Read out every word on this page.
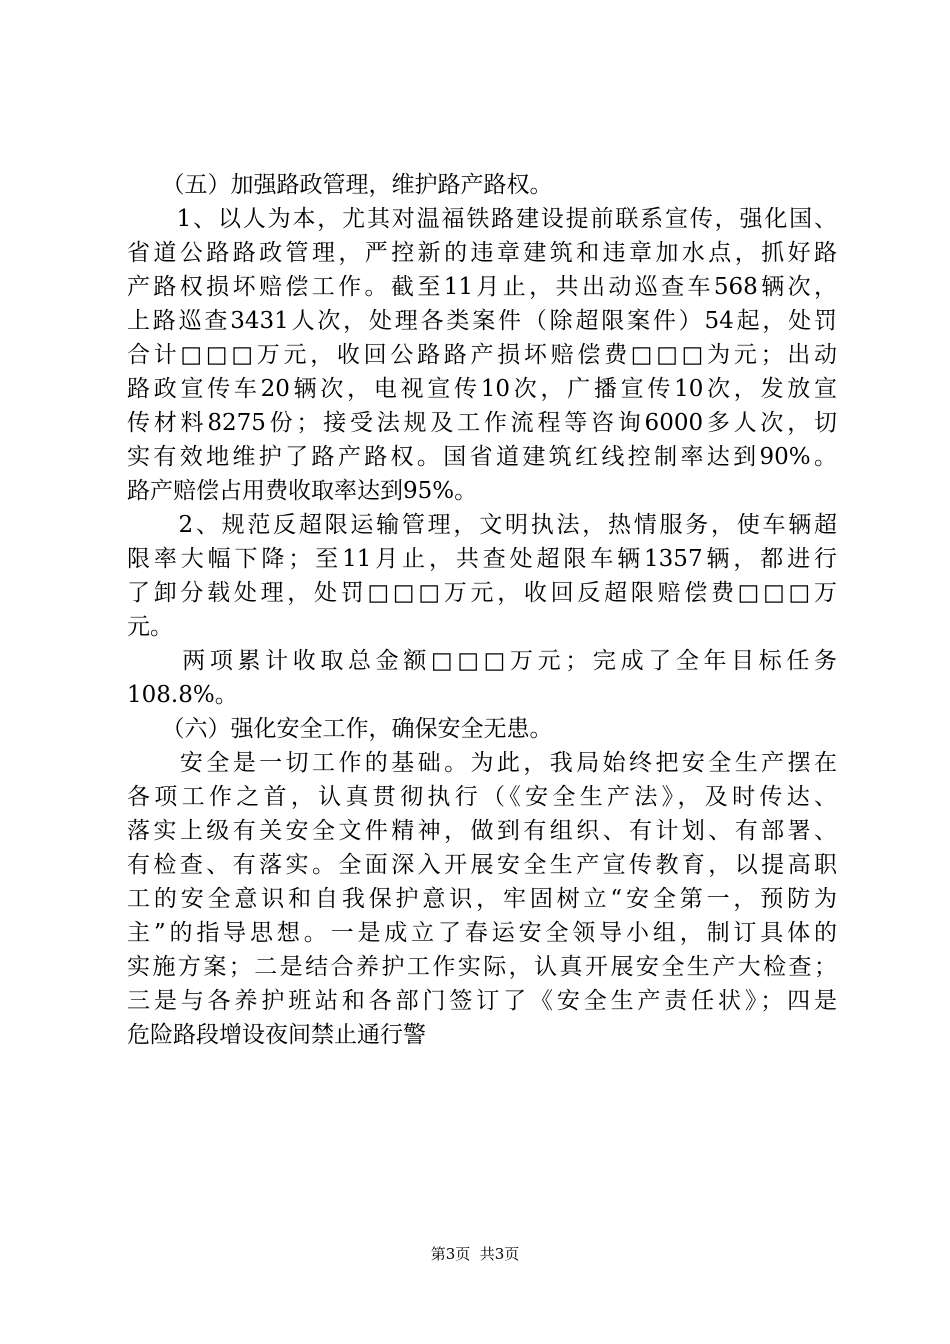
　　（五）加强路政管理，维护路产路权。
　　1、以人为本，尤其对温福铁路建设提前联系宣传，强化国、
省道公路路政管理，严控新的违章建筑和违章加水点，抓好路
产路权损坏赔偿工作。截至11月止，共出动巡查车568辆次，
上路巡查3431人次，处理各类案件（除超限案件）54起，处罚
合计□□□万元，收回公路路产损坏赔偿费□□□为元；出动
路政宣传车20辆次，电视宣传10次，广播宣传10次，发放宣
传材料8275份；接受法规及工作流程等咨询6000多人次，切
实有效地维护了路产路权。国省道建筑红线控制率达到90%。
路产赔偿占用费收取率达到95%。
　　2、规范反超限运输管理，文明执法，热情服务，使车辆超
限率大幅下降；至11月止，共查处超限车辆1357辆，都进行
了卸分载处理，处罚□□□万元，收回反超限赔偿费□□□万
元。
　　两项累计收取总金额□□□万元；完成了全年目标任务
108.8%。
　　（六）强化安全工作，确保安全无患。
　　安全是一切工作的基础。为此，我局始终把安全生产摆在
各项工作之首，认真贯彻执行（《安全生产法》，及时传达、
落实上级有关安全文件精神，做到有组织、有计划、有部署、
有检查、有落实。全面深入开展安全生产宣传教育，以提高职
工的安全意识和自我保护意识，牢固树立“安全第一，预防为
主”的指导思想。一是成立了春运安全领导小组，制订具体的
实施方案；二是结合养护工作实际，认真开展安全生产大检查；
三是与各养护班站和各部门签订了《安全生产责任状》；四是
危险路段增设夜间禁止通行警
第3页  共3页
